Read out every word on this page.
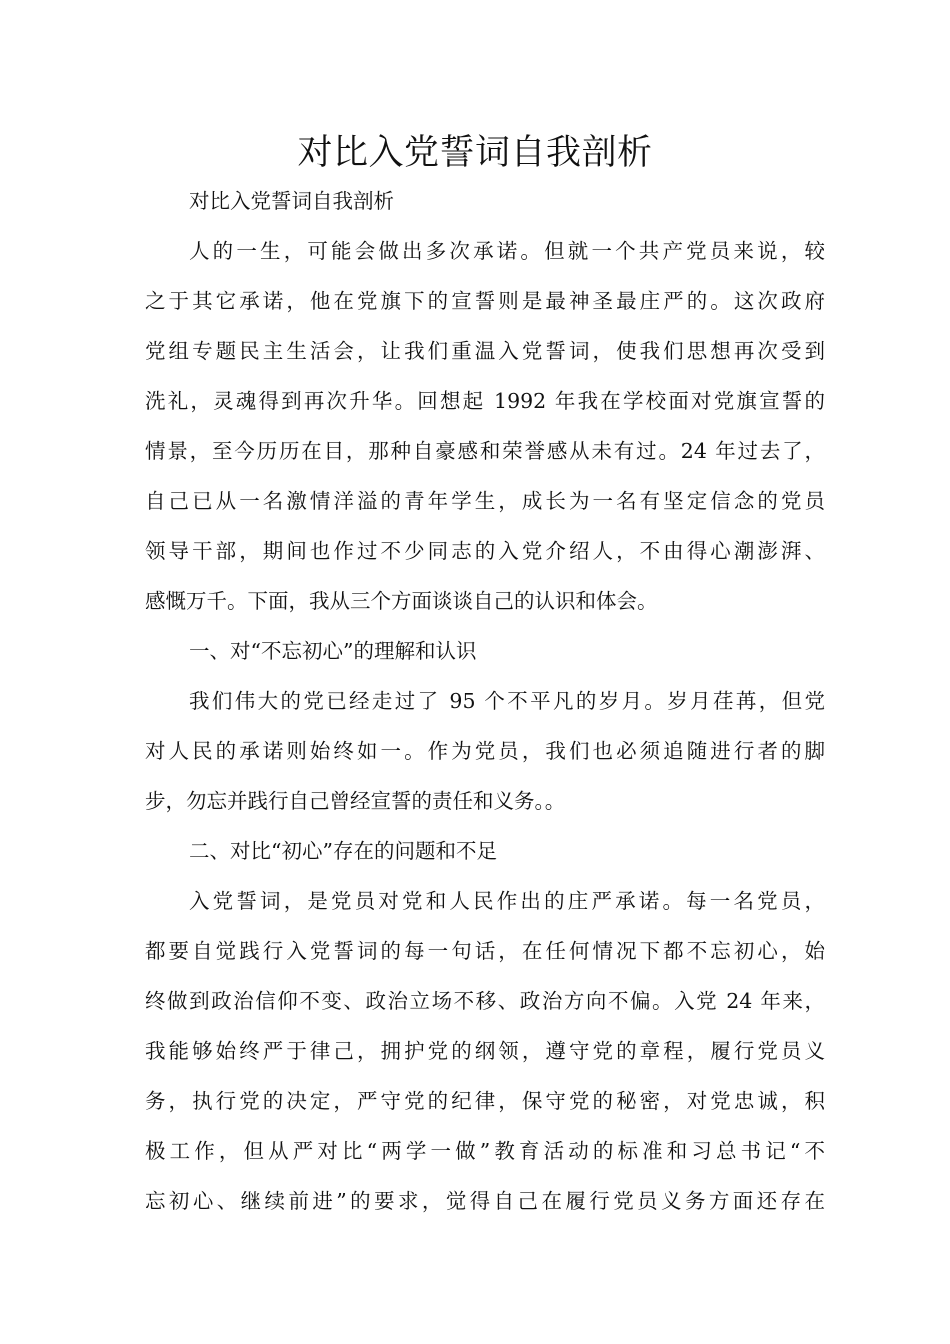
对比入党誓词自我剖析
对比入党誓词自我剖析
人的一生，可能会做出多次承诺。但就一个共产党员来说，较
之于其它承诺，他在党旗下的宣誓则是最神圣最庄严的。这次政府
党组专题民主生活会，让我们重温入党誓词，使我们思想再次受到
洗礼，灵魂得到再次升华。回想起 1992 年我在学校面对党旗宣誓的
情景，至今历历在目，那种自豪感和荣誉感从未有过。24 年过去了，
自己已从一名激情洋溢的青年学生，成长为一名有坚定信念的党员
领导干部，期间也作过不少同志的入党介绍人，不由得心潮澎湃、
感慨万千。下面，我从三个方面谈谈自己的认识和体会。
一、对“不忘初心”的理解和认识
我们伟大的党已经走过了 95 个不平凡的岁月。岁月荏苒，但党
对人民的承诺则始终如一。作为党员，我们也必须追随进行者的脚
步，勿忘并践行自己曾经宣誓的责任和义务。。
二、对比“初心”存在的问题和不足
入党誓词，是党员对党和人民作出的庄严承诺。每一名党员，
都要自觉践行入党誓词的每一句话，在任何情况下都不忘初心，始
终做到政治信仰不变、政治立场不移、政治方向不偏。入党 24 年来，
我能够始终严于律己，拥护党的纲领，遵守党的章程，履行党员义
务，执行党的决定，严守党的纪律，保守党的秘密，对党忠诚，积
极工作，但从严对比“两学一做”教育活动的标准和习总书记“不
忘初心、继续前进”的要求，觉得自己在履行党员义务方面还存在
